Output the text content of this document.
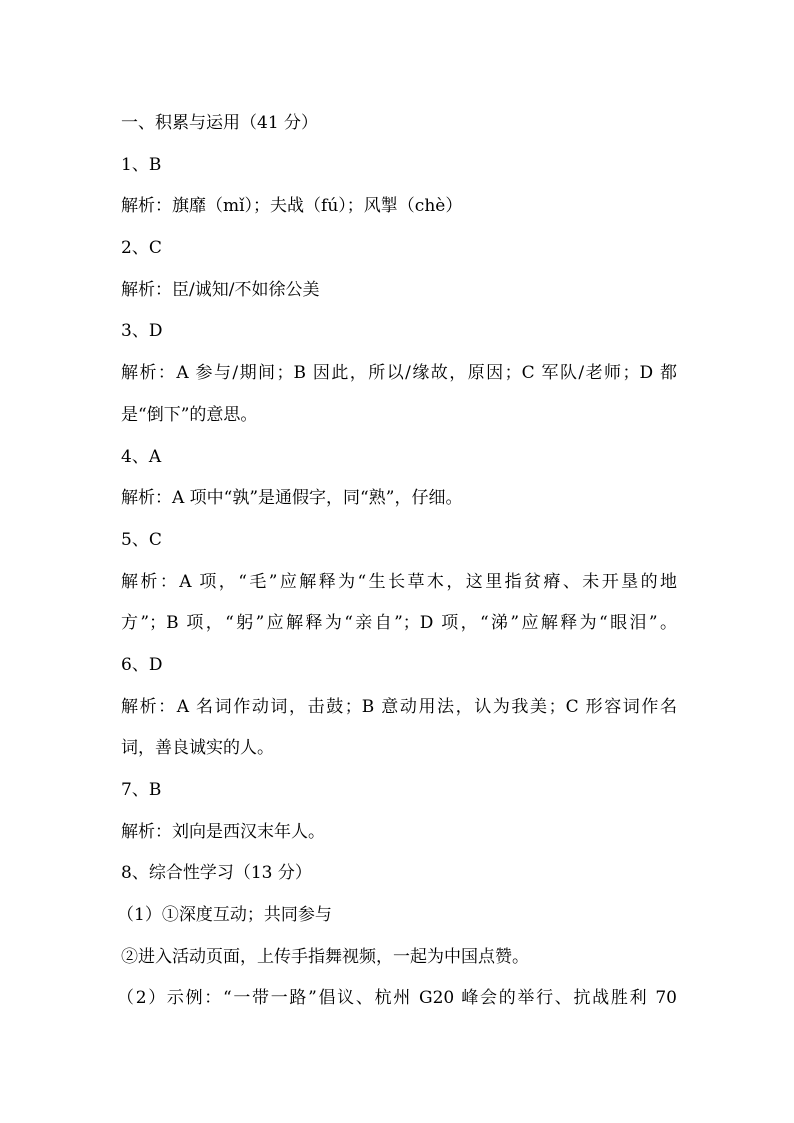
一、积累与运用（41 分）
1、B
解析：旗靡（mǐ）；夫战（fú）；风掣（chè）
2、C
解析：臣/诚知/不如徐公美
3、D
解析：A 参与/期间；B 因此，所以/缘故，原因；C 军队/老师；D 都
是“倒下”的意思。
4、A
解析：A 项中“孰”是通假字，同“熟”，仔细。
5、C
解析：A 项，“毛”应解释为“生长草木，这里指贫瘠、未开垦的地
方”；B 项，“躬”应解释为“亲自”；D 项，“涕”应解释为“眼泪”。
6、D
解析：A 名词作动词，击鼓；B 意动用法，认为我美；C 形容词作名
词，善良诚实的人。
7、B
解析：刘向是西汉末年人。
8、综合性学习（13 分）
（1）①深度互动；共同参与
②进入活动页面，上传手指舞视频，一起为中国点赞。
（2）示例：“一带一路”倡议、杭州 G20 峰会的举行、抗战胜利 70
